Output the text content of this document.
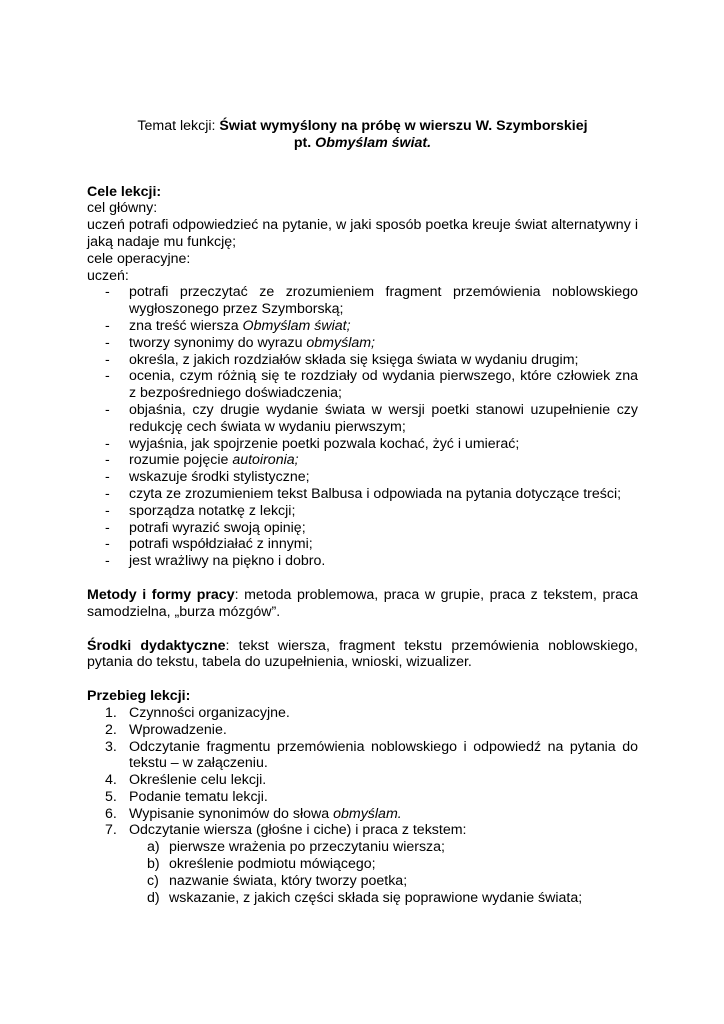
Temat lekcji: Świat wymyślony na próbę w wierszu W. Szymborskiej
pt. Obmyślam świat.
Cele lekcji:
cel główny:
uczeń potrafi odpowiedzieć na pytanie, w jaki sposób poetka kreuje świat alternatywny i jaką nadaje mu funkcję;
cele operacyjne:
uczeń:
- potrafi przeczytać ze zrozumieniem fragment przemówienia noblowskiego wygłoszonego przez Szymborską;
- zna treść wiersza Obmyślam świat;
- tworzy synonimy do wyrazu obmyślam;
- określa, z jakich rozdziałów składa się księga świata w wydaniu drugim;
- ocenia, czym różnią się te rozdziały od wydania pierwszego, które człowiek zna z bezpośredniego doświadczenia;
- objaśnia, czy drugie wydanie świata w wersji poetki stanowi uzupełnienie czy redukcję cech świata w wydaniu pierwszym;
- wyjaśnia, jak spojrzenie poetki pozwala kochać, żyć i umierać;
- rozumie pojęcie autoironia;
- wskazuje środki stylistyczne;
- czyta ze zrozumieniem tekst Balbusa i odpowiada na pytania dotyczące treści;
- sporządza notatkę z lekcji;
- potrafi wyrazić swoją opinię;
- potrafi współdziałać z innymi;
- jest wrażliwy na piękno i dobro.
Metody i formy pracy: metoda problemowa, praca w grupie, praca z tekstem, praca samodzielna, „burza mózgów”.
Środki dydaktyczne: tekst wiersza, fragment tekstu przemówienia noblowskiego, pytania do tekstu, tabela do uzupełnienia, wnioski, wizualizer.
Przebieg lekcji:
1. Czynności organizacyjne.
2. Wprowadzenie.
3. Odczytanie fragmentu przemówienia noblowskiego i odpowiedź na pytania do tekstu – w załączeniu.
4. Określenie celu lekcji.
5. Podanie tematu lekcji.
6. Wypisanie synonimów do słowa obmyślam.
7. Odczytanie wiersza (głośne i ciche) i praca z tekstem:
a) pierwsze wrażenia po przeczytaniu wiersza;
b) określenie podmiotu mówiącego;
c) nazwanie świata, który tworzy poetka;
d) wskazanie, z jakich części składa się poprawione wydanie świata;
